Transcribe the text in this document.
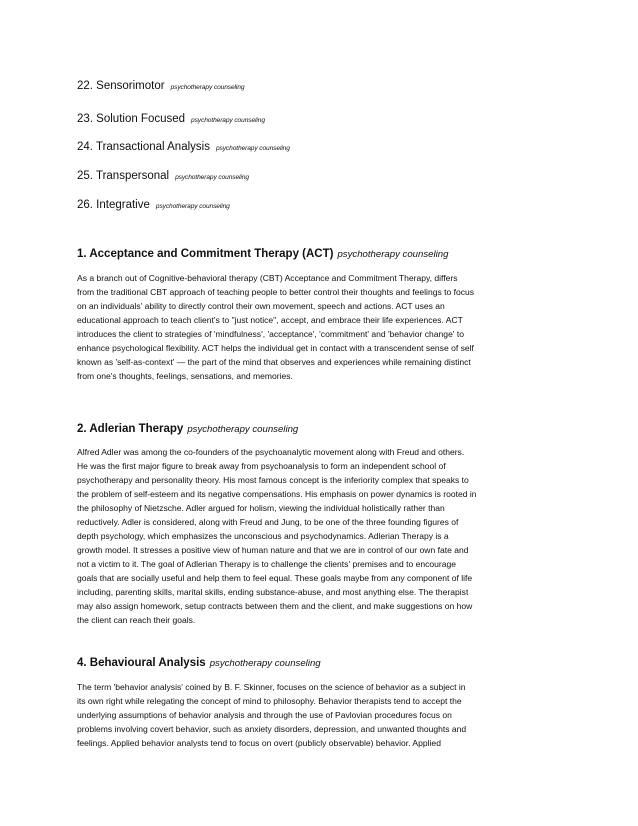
22. Sensorimotor psychotherapy counseling
23. Solution Focused psychotherapy counseling
24. Transactional Analysis psychotherapy counseling
25. Transpersonal psychotherapy counseling
26. Integrative psychotherapy counseling
1. Acceptance and Commitment Therapy (ACT) psychotherapy counseling
As a branch out of Cognitive-behavioral therapy (CBT) Acceptance and Commitment Therapy, differs
from the traditional CBT approach of teaching people to better control their thoughts and feelings to focus
on an individuals' ability to directly control their own movement, speech and actions. ACT uses an
educational approach to teach client's to "just notice", accept, and embrace their life experiences. ACT
introduces the client to strategies of 'mindfulness', 'acceptance', 'commitment' and 'behavior change' to
enhance psychological flexibility. ACT helps the individual get in contact with a transcendent sense of self
known as 'self-as-context' — the part of the mind that observes and experiences while remaining distinct
from one's thoughts, feelings, sensations, and memories.
2. Adlerian Therapy psychotherapy counseling
Alfred Adler was among the co-founders of the psychoanalytic movement along with Freud and others.
He was the first major figure to break away from psychoanalysis to form an independent school of
psychotherapy and personality theory. His most famous concept is the inferiority complex that speaks to
the problem of self-esteem and its negative compensations. His emphasis on power dynamics is rooted in
the philosophy of Nietzsche. Adler argued for holism, viewing the individual holistically rather than
reductively. Adler is considered, along with Freud and Jung, to be one of the three founding figures of
depth psychology, which emphasizes the unconscious and psychodynamics. Adlerian Therapy is a
growth model. It stresses a positive view of human nature and that we are in control of our own fate and
not a victim to it. The goal of Adlerian Therapy is to challenge the clients' premises and to encourage
goals that are socially useful and help them to feel equal. These goals maybe from any component of life
including, parenting skills, marital skills, ending substance-abuse, and most anything else. The therapist
may also assign homework, setup contracts between them and the client, and make suggestions on how
the client can reach their goals.
4. Behavioural Analysis psychotherapy counseling
The term 'behavior analysis' coined by B. F. Skinner, focuses on the science of behavior as a subject in
its own right while relegating the concept of mind to philosophy. Behavior therapists tend to accept the
underlying assumptions of behavior analysis and through the use of Pavlovian procedures focus on
problems involving covert behavior, such as anxiety disorders, depression, and unwanted thoughts and
feelings. Applied behavior analysts tend to focus on overt (publicly observable) behavior. Applied
